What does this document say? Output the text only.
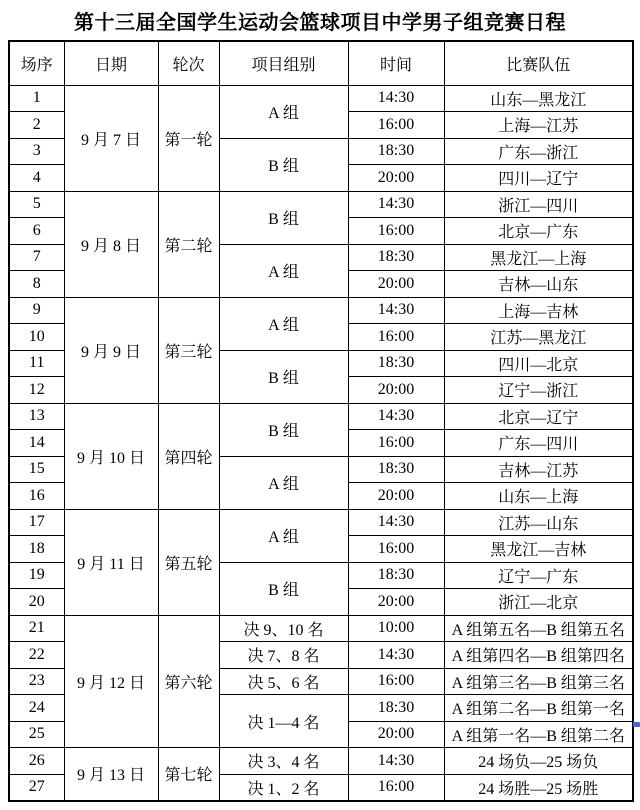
第十三届全国学生运动会篮球项目中学男子组竞赛日程
场序	日期	轮次	项目组别	时间	比赛队伍
1	9 月 7 日	第一轮	A 组	14:30	山东—黑龙江
2				16:00	上海—江苏
3			B 组	18:30	广东—浙江
4				20:00	四川—辽宁
5	9 月 8 日	第二轮	B 组	14:30	浙江—四川
6				16:00	北京—广东
7			A 组	18:30	黑龙江—上海
8				20:00	吉林—山东
9	9 月 9 日	第三轮	A 组	14:30	上海—吉林
10				16:00	江苏—黑龙江
11			B 组	18:30	四川—北京
12				20:00	辽宁—浙江
13	9 月 10 日	第四轮	B 组	14:30	北京—辽宁
14				16:00	广东—四川
15			A 组	18:30	吉林—江苏
16				20:00	山东—上海
17	9 月 11 日	第五轮	A 组	14:30	江苏—山东
18				16:00	黑龙江—吉林
19			B 组	18:30	辽宁—广东
20				20:00	浙江—北京
21	9 月 12 日	第六轮	决 9、10 名	10:00	A 组第五名—B 组第五名
22			决 7、8 名	14:30	A 组第四名—B 组第四名
23			决 5、6 名	16:00	A 组第三名—B 组第三名
24			决 1—4 名	18:30	A 组第二名—B 组第一名
25				20:00	A 组第一名—B 组第二名
26	9 月 13 日	第七轮	决 3、4 名	14:30	24 场负—25 场负
27			决 1、2 名	16:00	24 场胜—25 场胜
